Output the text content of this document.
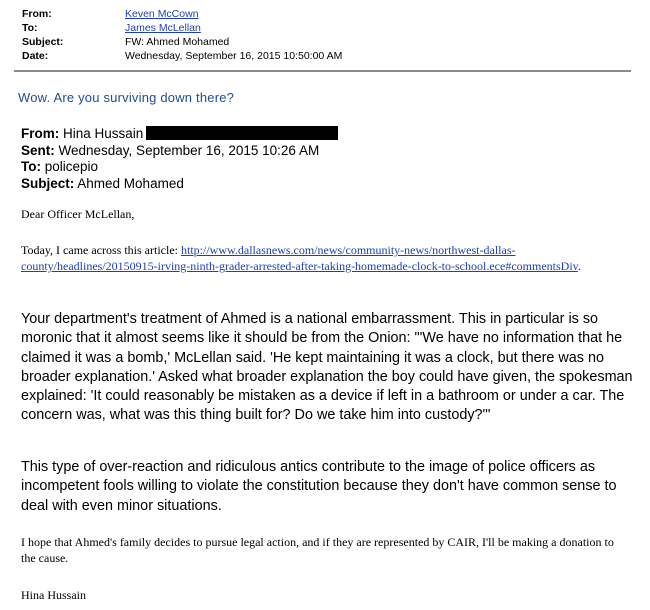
From:	Keven McCown
To:	James McLellan
Subject:	FW: Ahmed Mohamed
Date:	Wednesday, September 16, 2015 10:50:00 AM
Wow. Are you surviving down there?
From: Hina Hussain
Sent: Wednesday, September 16, 2015 10:26 AM
To: policepio
Subject: Ahmed Mohamed
Dear Officer McLellan,
Today, I came across this article: http://www.dallasnews.com/news/community-news/northwest-dallas-county/headlines/20150915-irving-ninth-grader-arrested-after-taking-homemade-clock-to-school.ece#commentsDiv.
Your department's treatment of Ahmed is a national embarrassment. This in particular is so moronic that it almost seems like it should be from the Onion: "'We have no information that he claimed it was a bomb,' McLellan said. 'He kept maintaining it was a clock, but there was no broader explanation.' Asked what broader explanation the boy could have given, the spokesman explained: 'It could reasonably be mistaken as a device if left in a bathroom or under a car. The concern was, what was this thing built for? Do we take him into custody?'"
This type of over-reaction and ridiculous antics contribute to the image of police officers as incompetent fools willing to violate the constitution because they don't have common sense to deal with even minor situations.
I hope that Ahmed's family decides to pursue legal action, and if they are represented by CAIR, I'll be making a donation to the cause.
Hina Hussain
